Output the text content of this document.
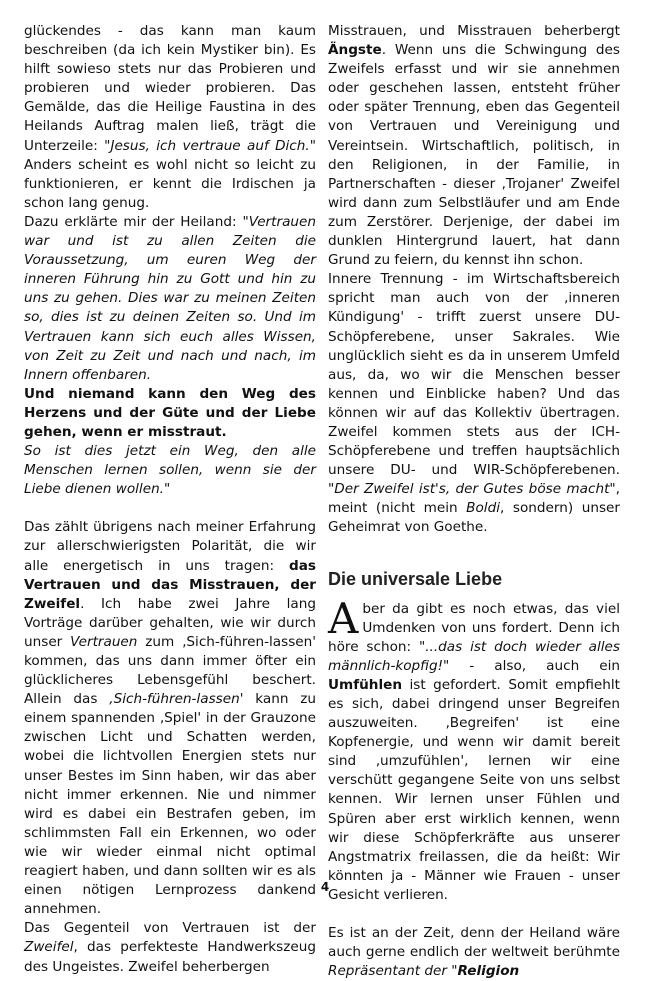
glückendes - das kann man kaum beschreiben (da ich kein Mystiker bin). Es hilft sowieso stets nur das Probieren und probieren und wieder probieren. Das Gemälde, das die Heilige Faustina in des Heilands Auftrag malen ließ, trägt die Unterzeile: "Jesus, ich vertraue auf Dich." Anders scheint es wohl nicht so leicht zu funktionieren, er kennt die Irdischen ja schon lang genug.

Dazu erklärte mir der Heiland: "Vertrauen war und ist zu allen Zeiten die Voraussetzung, um euren Weg der inneren Führung hin zu Gott und hin zu uns zu gehen. Dies war zu meinen Zeiten so, dies ist zu deinen Zeiten so. Und im Vertrauen kann sich euch alles Wissen, von Zeit zu Zeit und nach und nach, im Innern offenbaren.

Und niemand kann den Weg des Herzens und der Güte und der Liebe gehen, wenn er misstraut.

So ist dies jetzt ein Weg, den alle Menschen lernen sollen, wenn sie der Liebe dienen wollen."

Das zählt übrigens nach meiner Erfahrung zur allerschwierigsten Polarität, die wir alle energetisch in uns tragen: das Vertrauen und das Misstrauen, der Zweifel. Ich habe zwei Jahre lang Vorträge darüber gehalten, wie wir durch unser Vertrauen zum ‚Sich-führen-lassen' kommen, das uns dann immer öfter ein glücklicheres Lebensgefühl beschert. Allein das ‚Sich-führen-lassen' kann zu einem spannenden ‚Spiel' in der Grauzone zwischen Licht und Schatten werden, wobei die lichtvollen Energien stets nur unser Bestes im Sinn haben, wir das aber nicht immer erkennen. Nie und nimmer wird es dabei ein Bestrafen geben, im schlimmsten Fall ein Erkennen, wo oder wie wir wieder einmal nicht optimal reagiert haben, und dann sollten wir es als einen nötigen Lernprozess dankend annehmen.

Das Gegenteil von Vertrauen ist der Zweifel, das perfekteste Handwerkszeug des Ungeistes. Zweifel beherbergen

Misstrauen, und Misstrauen beherbergt Ängste. Wenn uns die Schwingung des Zweifels erfasst und wir sie annehmen oder geschehen lassen, entsteht früher oder später Trennung, eben das Gegenteil von Vertrauen und Vereinigung und Vereintsein. Wirtschaftlich, politisch, in den Religionen, in der Familie, in Partnerschaften - dieser ‚Trojaner' Zweifel wird dann zum Selbstläufer und am Ende zum Zerstörer. Derjenige, der dabei im dunklen Hintergrund lauert, hat dann Grund zu feiern, du kennst ihn schon.

Innere Trennung - im Wirtschaftsbereich spricht man auch von der ‚inneren Kündigung' - trifft zuerst unsere DU-Schöpferebene, unser Sakrales. Wie unglücklich sieht es da in unserem Umfeld aus, da, wo wir die Menschen besser kennen und Einblicke haben? Und das können wir auf das Kollektiv übertragen. Zweifel kommen stets aus der ICH-Schöpferebene und treffen hauptsächlich unsere DU- und WIR-Schöpferebenen. "Der Zweifel ist's, der Gutes böse macht", meint (nicht mein Boldi, sondern) unser Geheimrat von Goethe.

Die universale Liebe

Aber da gibt es noch etwas, das viel Umdenken von uns fordert. Denn ich höre schon: "...das ist doch wieder alles männlich-kopfig!" - also, auch ein Umfühlen ist gefordert. Somit empfiehlt es sich, dabei dringend unser Begreifen auszuweiten. ‚Begreifen' ist eine Kopfenergie, und wenn wir damit bereit sind ‚umzufühlen', lernen wir eine verschütt gegangene Seite von uns selbst kennen. Wir lernen unser Fühlen und Spüren aber erst wirklich kennen, wenn wir diese Schöpferkräfte aus unserer Angstmatrix freilassen, die da heißt: Wir könnten ja - Männer wie Frauen - unser Gesicht verlieren.

Es ist an der Zeit, denn der Heiland wäre auch gerne endlich der weltweit berühmte Repräsentant der "Religion

4
